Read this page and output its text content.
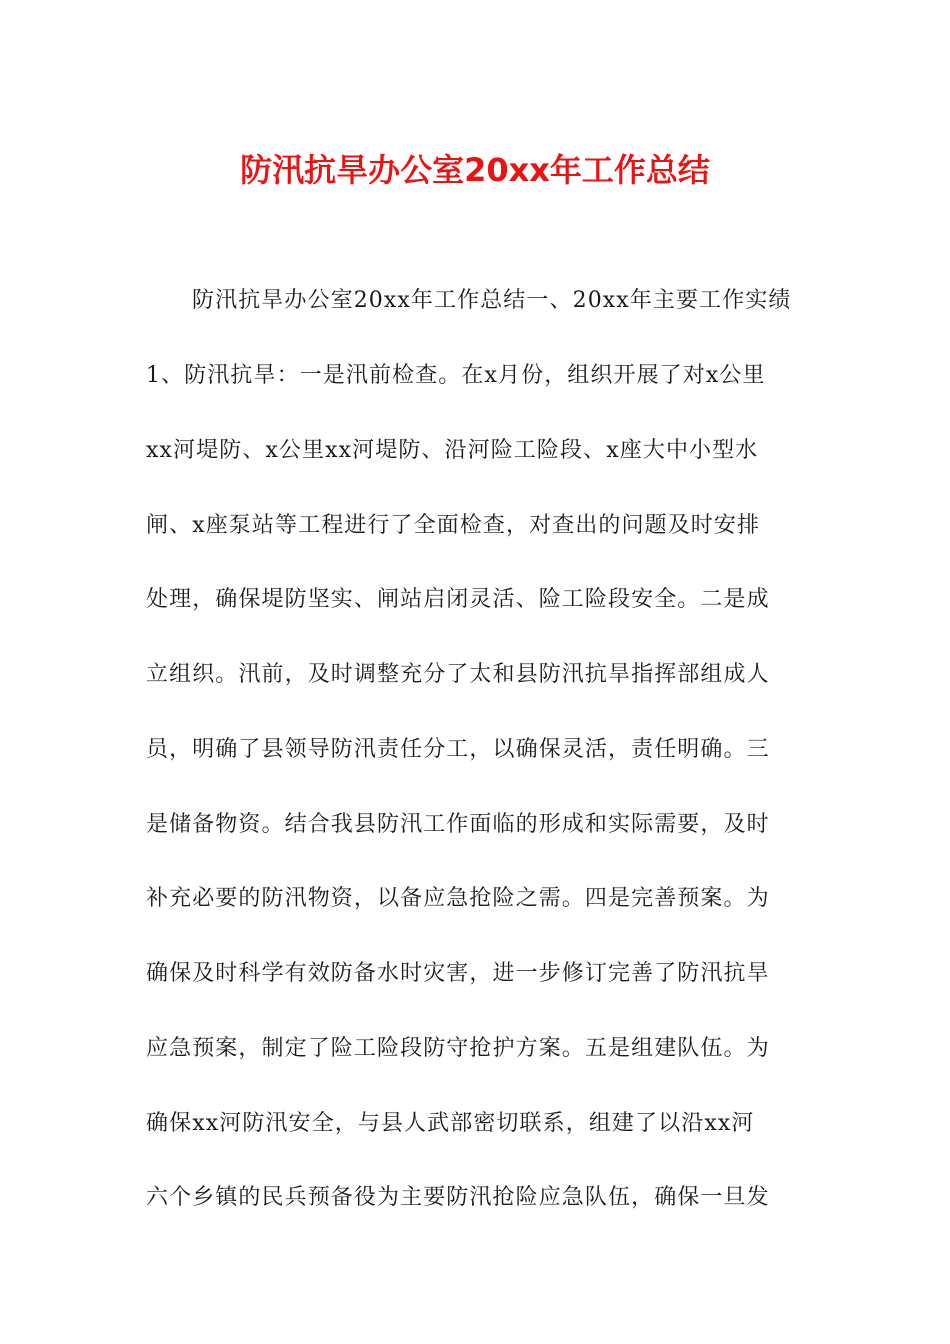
防汛抗旱办公室20xx年工作总结
防汛抗旱办公室20xx年工作总结一、20xx年主要工作实绩
1、防汛抗旱：一是汛前检查。在x月份，组织开展了对x公里
xx河堤防、x公里xx河堤防、沿河险工险段、x座大中小型水
闸、x座泵站等工程进行了全面检查，对查出的问题及时安排
处理，确保堤防坚实、闸站启闭灵活、险工险段安全。二是成
立组织。汛前，及时调整充分了太和县防汛抗旱指挥部组成人
员，明确了县领导防汛责任分工，以确保灵活，责任明确。三
是储备物资。结合我县防汛工作面临的形成和实际需要，及时
补充必要的防汛物资，以备应急抢险之需。四是完善预案。为
确保及时科学有效防备水时灾害，进一步修订完善了防汛抗旱
应急预案，制定了险工险段防守抢护方案。五是组建队伍。为
确保xx河防汛安全，与县人武部密切联系，组建了以沿xx河
六个乡镇的民兵预备役为主要防汛抢险应急队伍，确保一旦发
